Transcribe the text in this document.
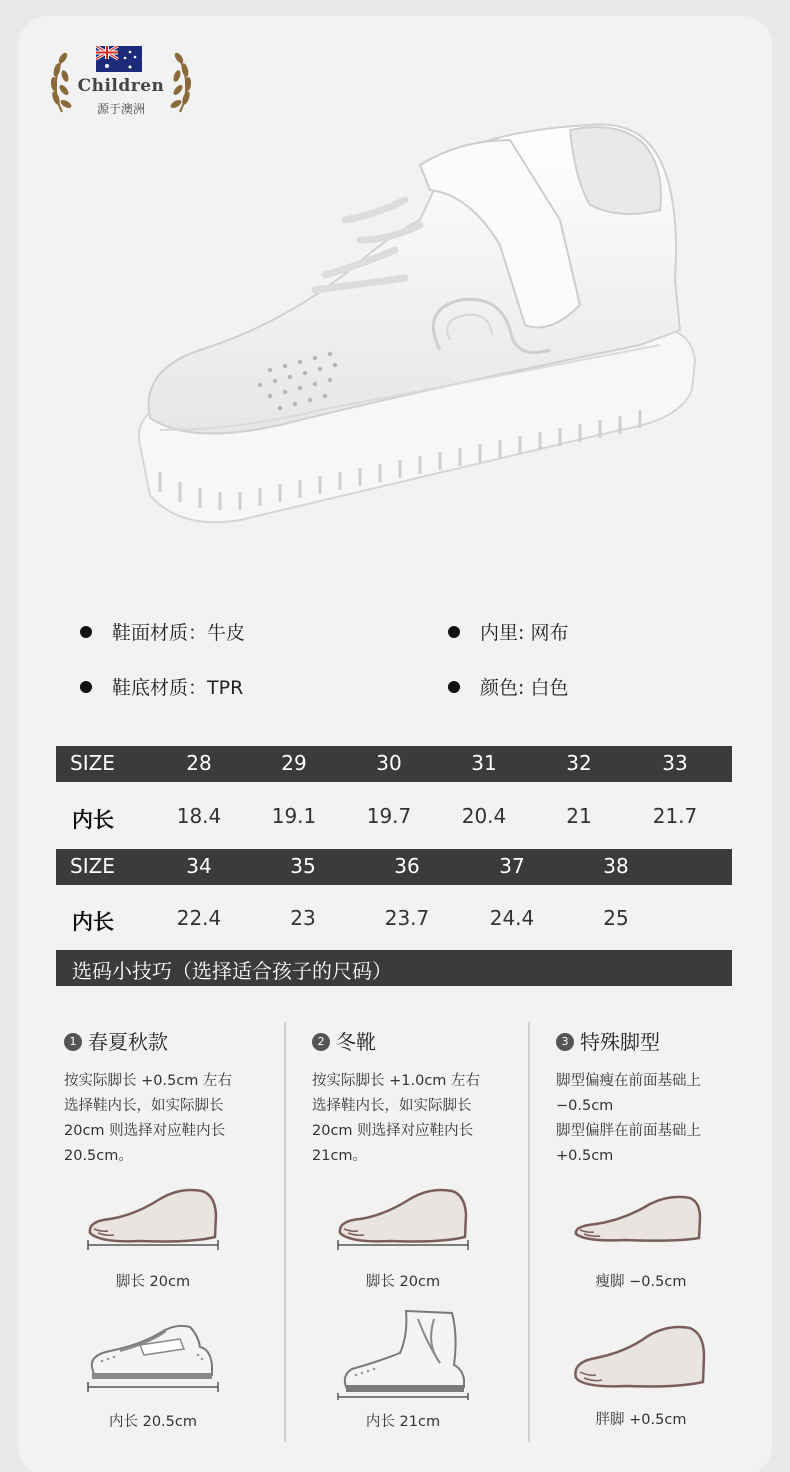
Children
源于澳洲
鞋面材质：牛皮	内里: 网布
鞋底材质：TPR	颜色: 白色
SIZE	28	29	30	31	32	33
内长	18.4	19.1	19.7	20.4	21	21.7
SIZE	34	35	36	37	38
内长	22.4	23	23.7	24.4	25
选码小技巧（选择适合孩子的尺码）
1 春夏秋款
按实际脚长 +0.5cm 左右
选择鞋内长，如实际脚长
20cm 则选择对应鞋内长
20.5cm。
2 冬靴
按实际脚长 +1.0cm 左右
选择鞋内长，如实际脚长
20cm 则选择对应鞋内长
21cm。
3 特殊脚型
脚型偏瘦在前面基础上
−0.5cm
脚型偏胖在前面基础上
+0.5cm
脚长 20cm
内长 20.5cm
脚长 20cm
内长 21cm
瘦脚 −0.5cm
胖脚 +0.5cm
